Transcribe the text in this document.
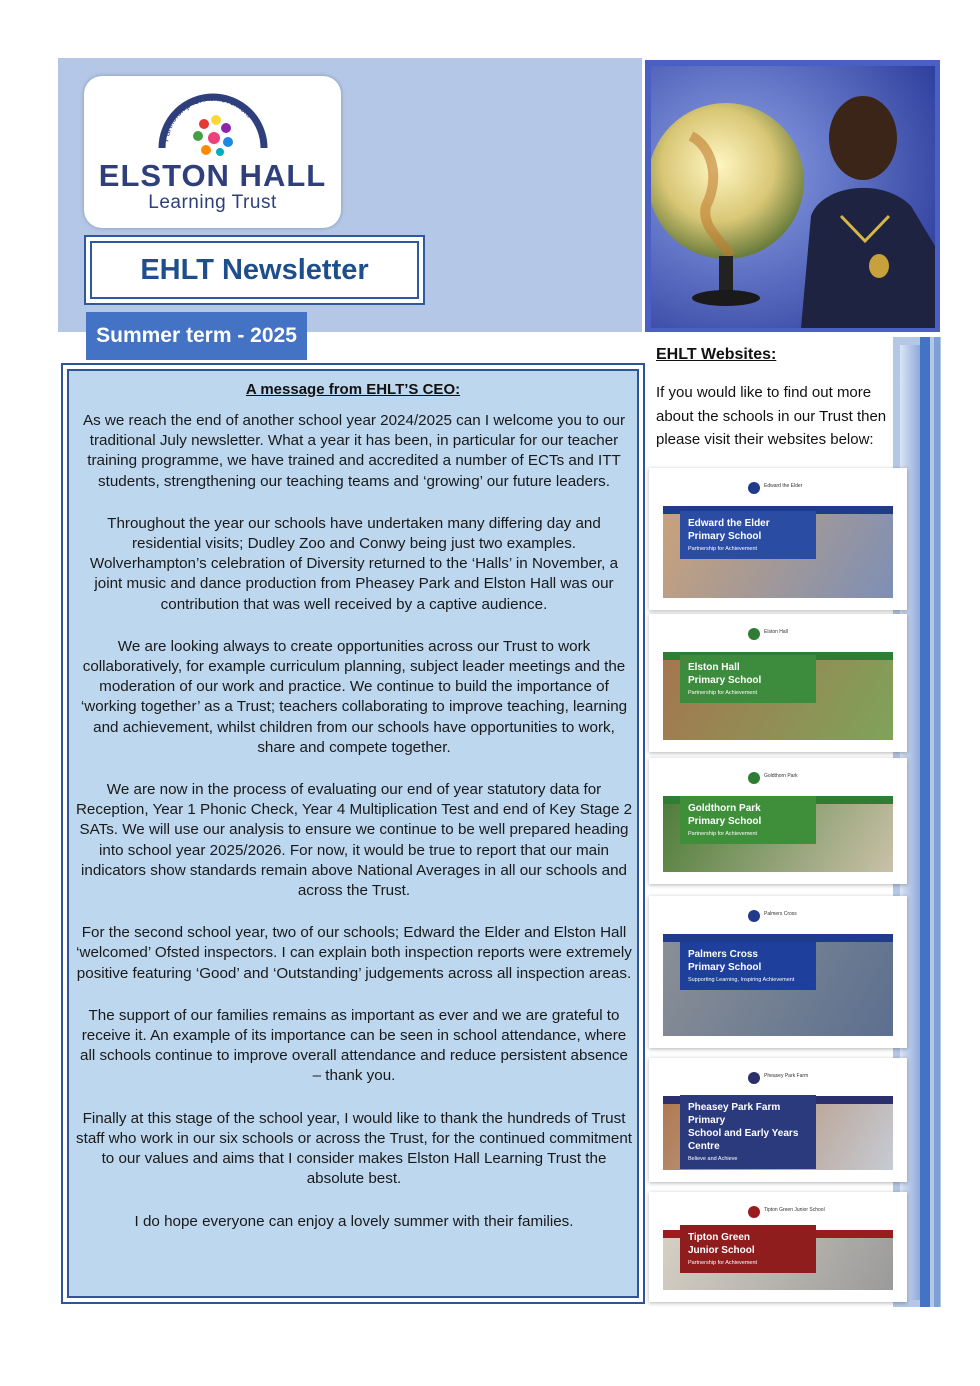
Partnership for Achievement
ELSTON HALL
Learning Trust
EHLT Newsletter
Summer term - 2025
A message from EHLT’S CEO:

As we reach the end of another school year 2024/2025 can I welcome you to our traditional July newsletter. What a year it has been, in particular for our teacher training programme, we have trained and accredited a number of ECTs and ITT students, strengthening our teaching teams and ‘growing’ our future leaders.

Throughout the year our schools have undertaken many differing day and residential visits; Dudley Zoo and Conwy being just two examples. Wolverhampton’s celebration of Diversity returned to the ‘Halls’ in November, a joint music and dance production from Pheasey Park and Elston Hall was our contribution that was well received by a captive audience.

We are looking always to create opportunities across our Trust to work collaboratively, for example curriculum planning, subject leader meetings and the moderation of our work and practice. We continue to build the importance of ‘working together’ as a Trust; teachers collaborating to improve teaching, learning and achievement, whilst children from our schools have opportunities to work, share and compete together.

We are now in the process of evaluating our end of year statutory data for Reception, Year 1 Phonic Check, Year 4 Multiplication Test and end of Key Stage 2 SATs. We will use our analysis to ensure we continue to be well prepared heading into school year 2025/2026. For now, it would be true to report that our main indicators show standards remain above National Averages in all our schools and across the Trust.

For the second school year, two of our schools; Edward the Elder and Elston Hall ‘welcomed’ Ofsted inspectors. I can explain both inspection reports were extremely positive featuring ‘Good’ and ‘Outstanding’ judgements across all inspection areas.

The support of our families remains as important as ever and we are grateful to receive it. An example of its importance can be seen in school attendance, where all schools continue to improve overall attendance and reduce persistent absence – thank you.

Finally at this stage of the school year, I would like to thank the hundreds of Trust staff who work in our six schools or across the Trust, for the continued commitment to our values and aims that I consider makes Elston Hall Learning Trust the absolute best.

I do hope everyone can enjoy a lovely summer with their families.

EHLT Websites:
If you would like to find out more about the schools in our Trust then please visit their websites below:
Edward the Elder
Edward the Elder
Primary School
Partnership for Achievement
Elston Hall
Elston Hall
Primary School
Partnership for Achievement
Goldthorn Park
Goldthorn Park
Primary School
Partnership for Achievement
Palmers Cross
Palmers Cross
Primary School
Supporting Learning, Inspiring Achievement
Pheasey Park Farm
Pheasey Park Farm Primary
School and Early Years Centre
Believe and Achieve
Tipton Green Junior School
Tipton Green
Junior School
Partnership for Achievement
